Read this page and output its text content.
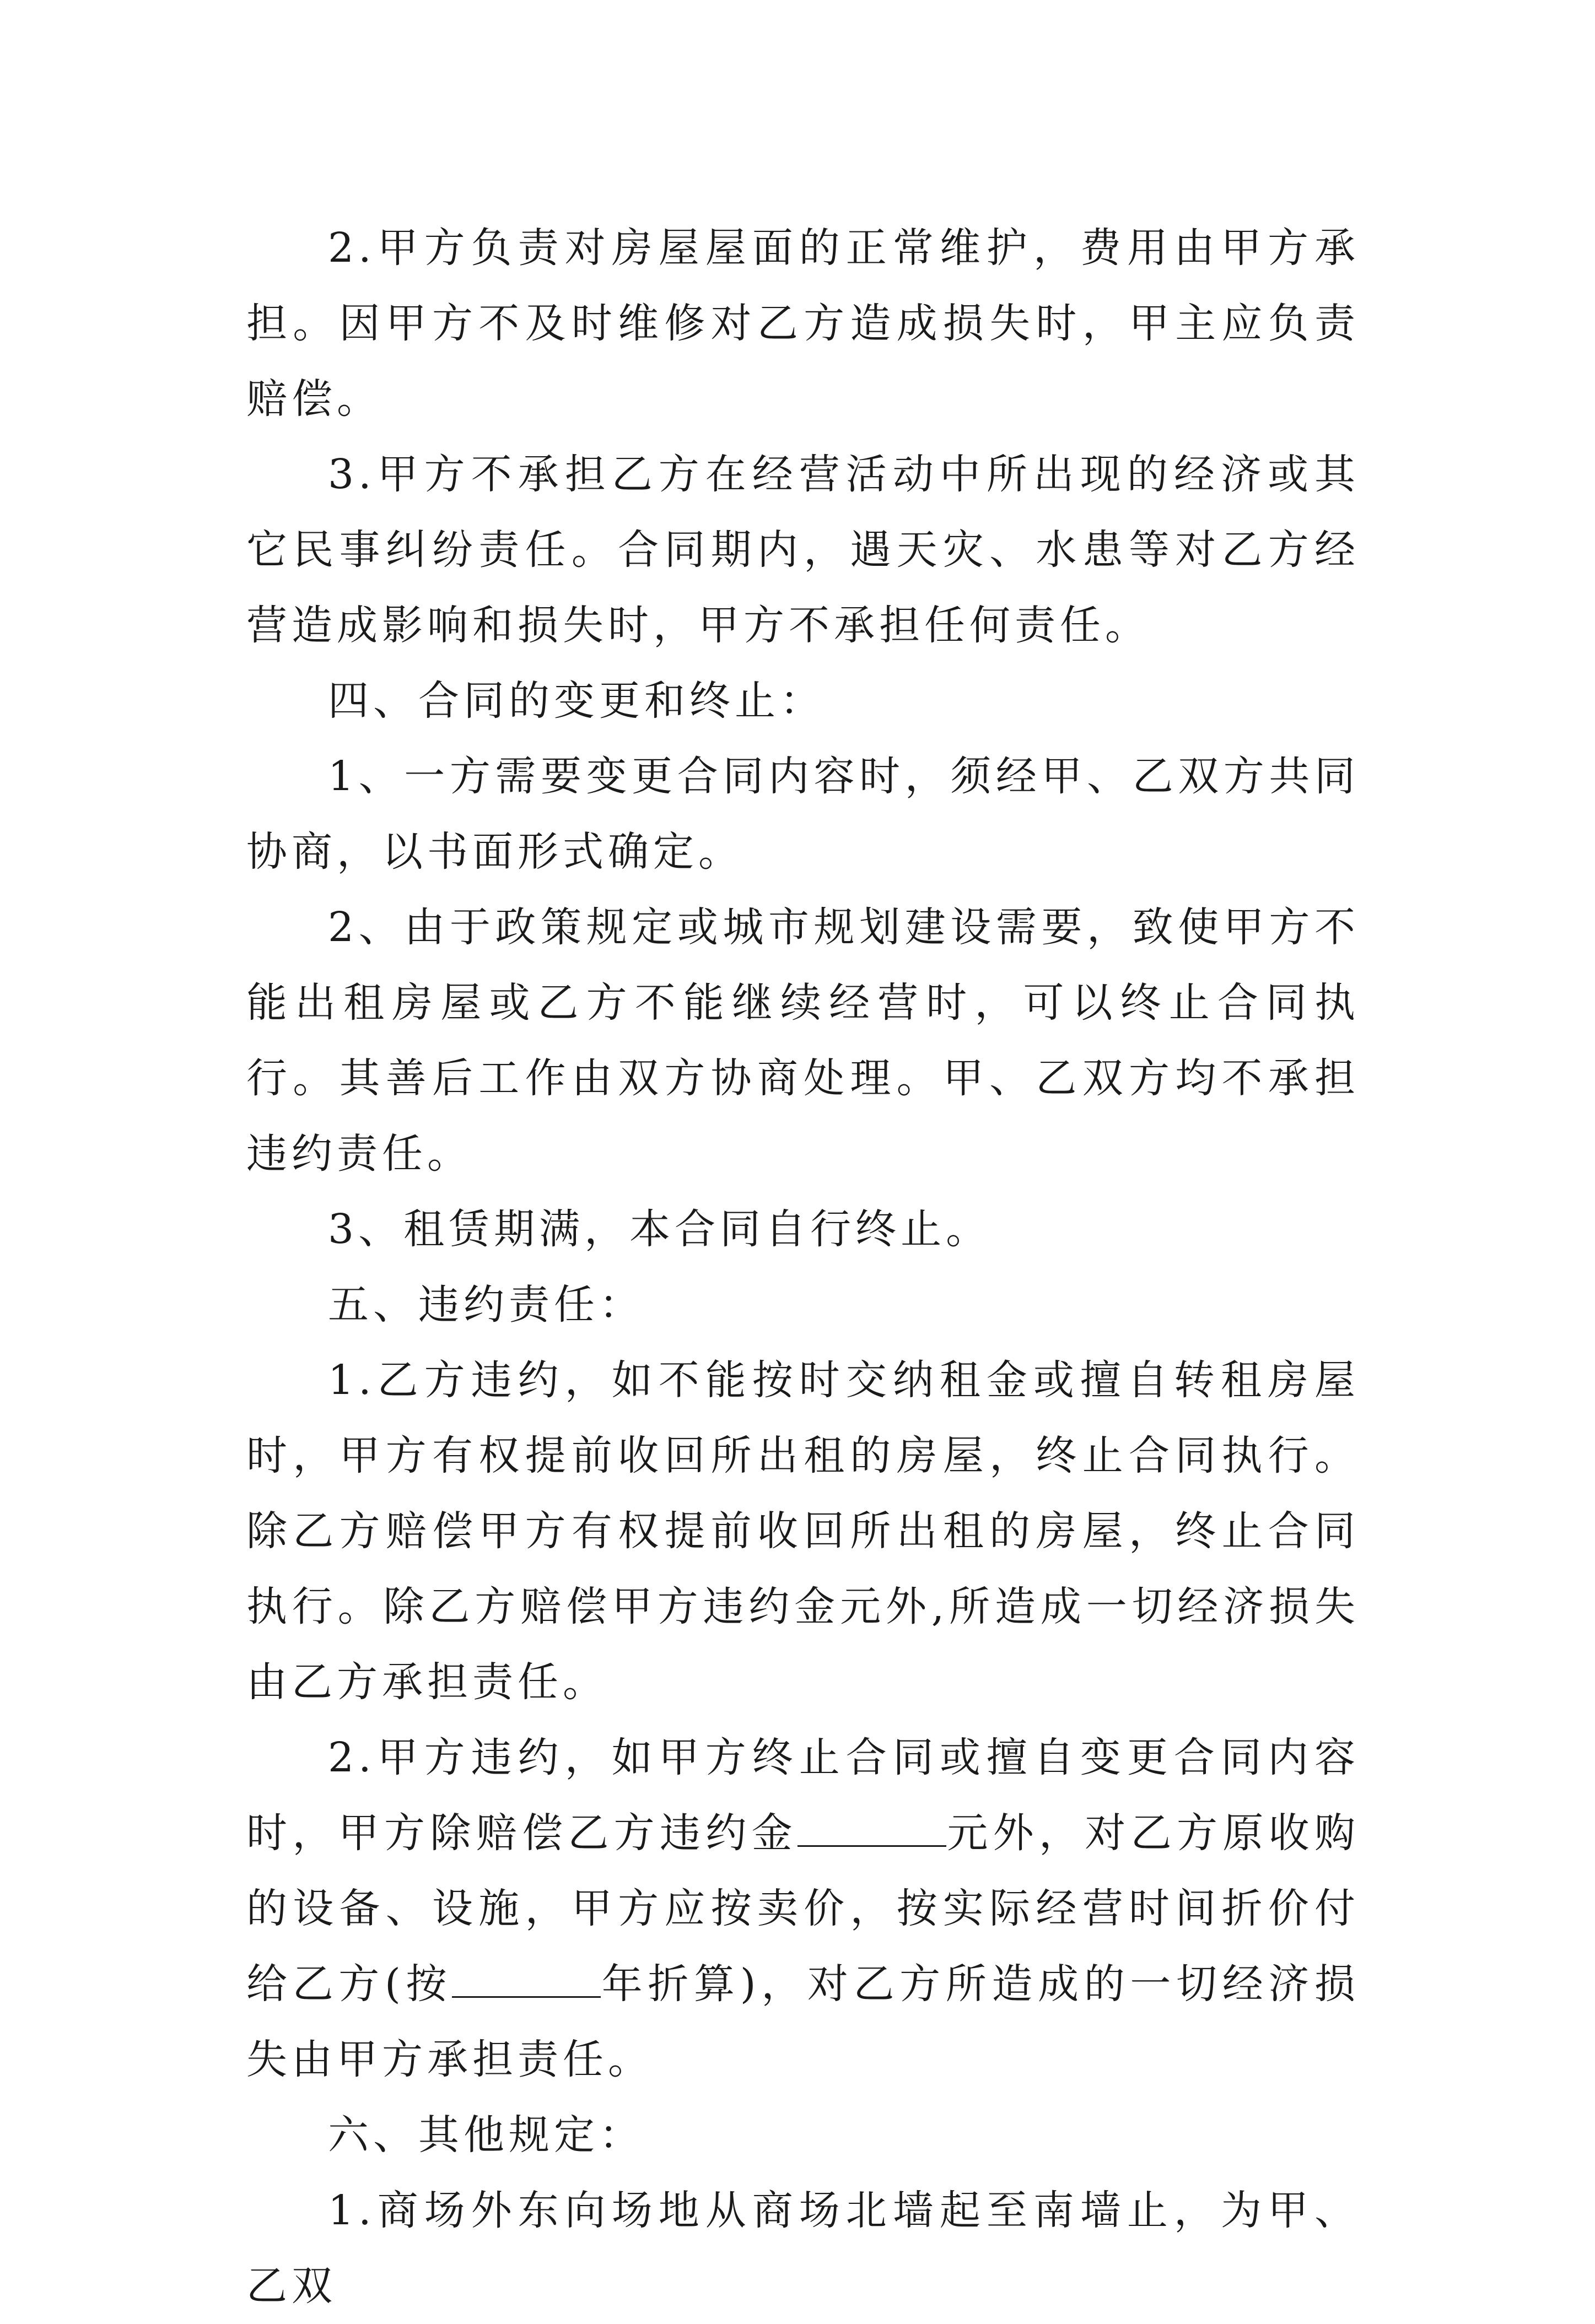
2.甲方负责对房屋屋面的正常维护，费用由甲方承担。因甲方不及时维修对乙方造成损失时，甲主应负责赔偿。

3.甲方不承担乙方在经营活动中所出现的经济或其它民事纠纷责任。合同期内，遇天灾、水患等对乙方经营造成影响和损失时，甲方不承担任何责任。

四、合同的变更和终止：

1、一方需要变更合同内容时，须经甲、乙双方共同协商，以书面形式确定。

2、由于政策规定或城市规划建设需要，致使甲方不能出租房屋或乙方不能继续经营时，可以终止合同执行。其善后工作由双方协商处理。甲、乙双方均不承担违约责任。

3、租赁期满，本合同自行终止。

五、违约责任：

1.乙方违约，如不能按时交纳租金或擅自转租房屋时，甲方有权提前收回所出租的房屋，终止合同执行。除乙方赔偿甲方有权提前收回所出租的房屋，终止合同执行。除乙方赔偿甲方违约金元外,所造成一切经济损失由乙方承担责任。

2.甲方违约，如甲方终止合同或擅自变更合同内容时，甲方除赔偿乙方违约金	元外，对乙方原收购的设备、设施，甲方应按卖价，按实际经营时间折价付给乙方(按	年折算)，对乙方所造成的一切经济损失由甲方承担责任。

六、其他规定：

1.商场外东向场地从商场北墙起至南墙止，为甲、乙双
